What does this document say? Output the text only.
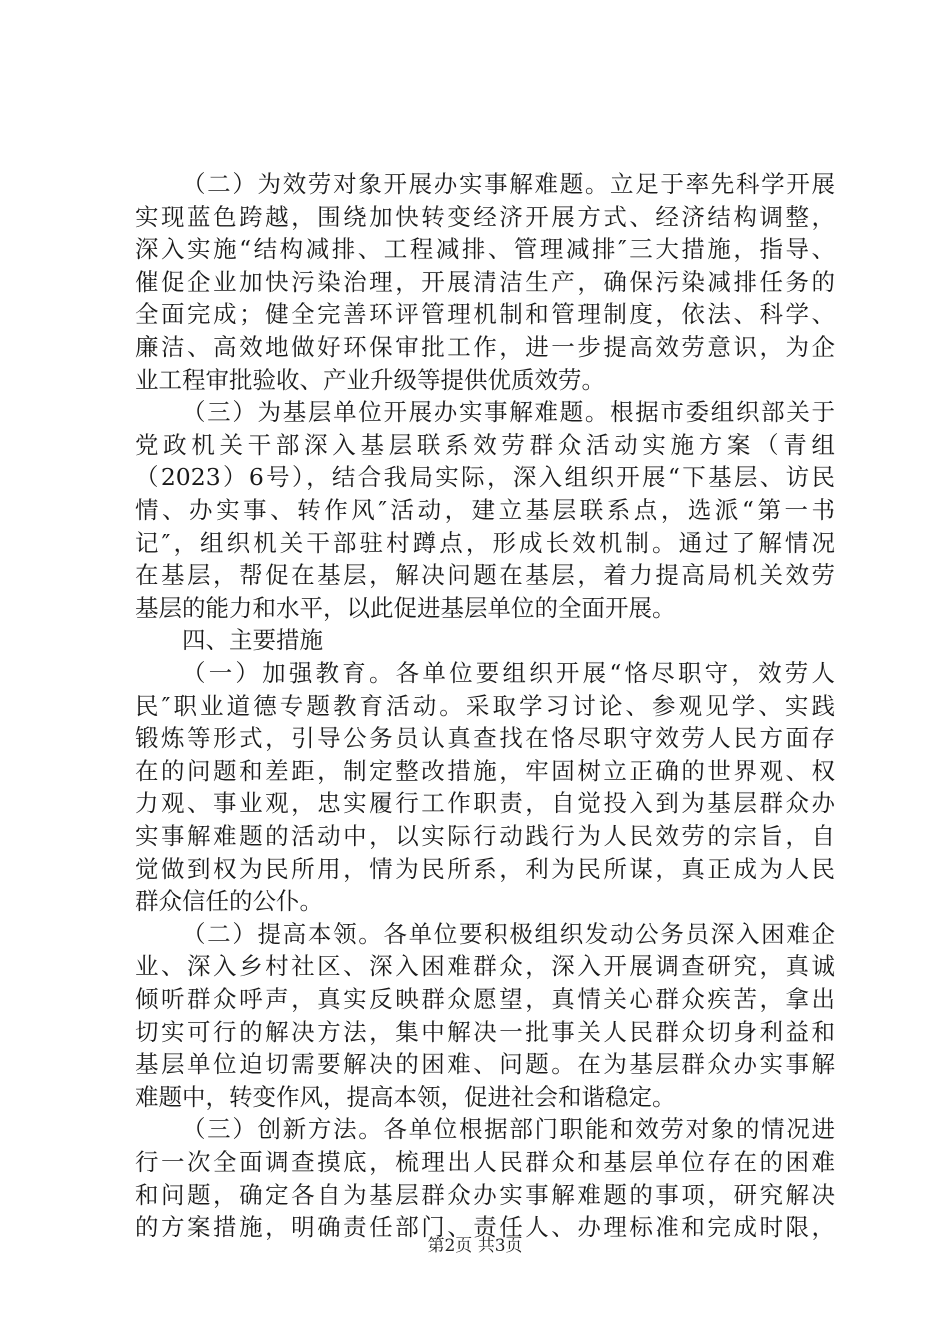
（二）为效劳对象开展办实事解难题。立足于率先科学开展
实现蓝色跨越，围绕加快转变经济开展方式、经济结构调整，
深入实施“结构减排、工程减排、管理减排″三大措施，指导、
催促企业加快污染治理，开展清洁生产，确保污染减排任务的
全面完成；健全完善环评管理机制和管理制度，依法、科学、
廉洁、高效地做好环保审批工作，进一步提高效劳意识，为企
业工程审批验收、产业升级等提供优质效劳。
（三）为基层单位开展办实事解难题。根据市委组织部关于
党政机关干部深入基层联系效劳群众活动实施方案（青组
（2023）6号），结合我局实际，深入组织开展“下基层、访民
情、办实事、转作风″活动，建立基层联系点，选派“第一书
记″，组织机关干部驻村蹲点，形成长效机制。通过了解情况
在基层，帮促在基层，解决问题在基层，着力提高局机关效劳
基层的能力和水平，以此促进基层单位的全面开展。
四、主要措施
（一）加强教育。各单位要组织开展“恪尽职守，效劳人
民″职业道德专题教育活动。采取学习讨论、参观见学、实践
锻炼等形式，引导公务员认真查找在恪尽职守效劳人民方面存
在的问题和差距，制定整改措施，牢固树立正确的世界观、权
力观、事业观，忠实履行工作职责，自觉投入到为基层群众办
实事解难题的活动中，以实际行动践行为人民效劳的宗旨，自
觉做到权为民所用，情为民所系，利为民所谋，真正成为人民
群众信任的公仆。
（二）提高本领。各单位要积极组织发动公务员深入困难企
业、深入乡村社区、深入困难群众，深入开展调查研究，真诚
倾听群众呼声，真实反映群众愿望，真情关心群众疾苦，拿出
切实可行的解决方法，集中解决一批事关人民群众切身利益和
基层单位迫切需要解决的困难、问题。在为基层群众办实事解
难题中，转变作风，提高本领，促进社会和谐稳定。
（三）创新方法。各单位根据部门职能和效劳对象的情况进
行一次全面调查摸底，梳理出人民群众和基层单位存在的困难
和问题，确定各自为基层群众办实事解难题的事项，研究解决
的方案措施，明确责任部门、责任人、办理标准和完成时限，
第2页 共3页
